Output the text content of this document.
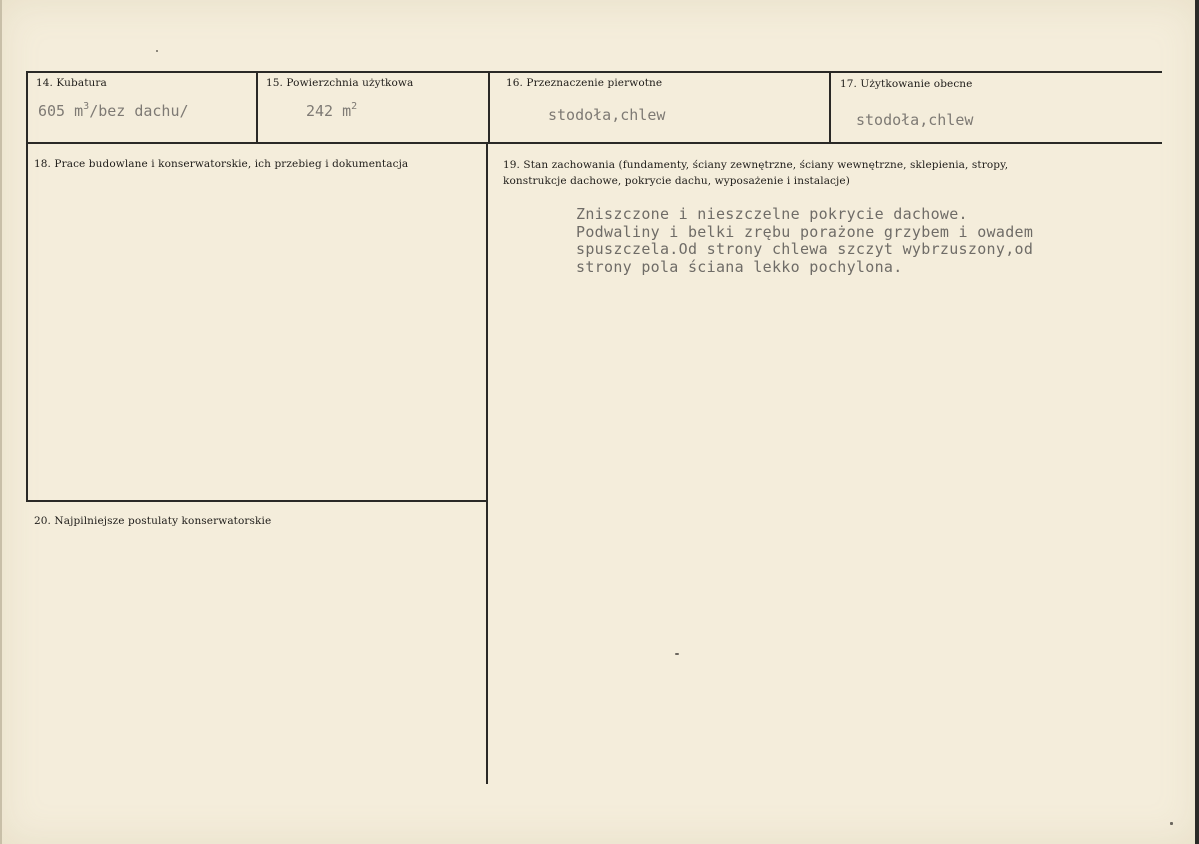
14. Kubatura
605 $m^3$/bez dachu/
15. Powierzchnia użytkowa
242 $m^2$
16. Przeznaczenie pierwotne
stodoła,chlew
17. Użytkowanie obecne
stodoła,chlew
18. Prace budowlane i konserwatorskie, ich przebieg i dokumentacja	19. Stan zachowania (fundamenty, ściany zewnętrzne, ściany wewnętrzne, sklepienia, stropy,
konstrukcje dachowe, pokrycie dachu, wyposażenie i instalacje)
Zniszczone i nieszczelne pokrycie dachowe.
Podwaliny i belki zrębu porażone grzybem i owadem
spuszczela.Od strony chlewa szczyt wybrzuszony,od
strony pola ściana lekko pochylona.
20. Najpilniejsze postulaty konserwatorskie
